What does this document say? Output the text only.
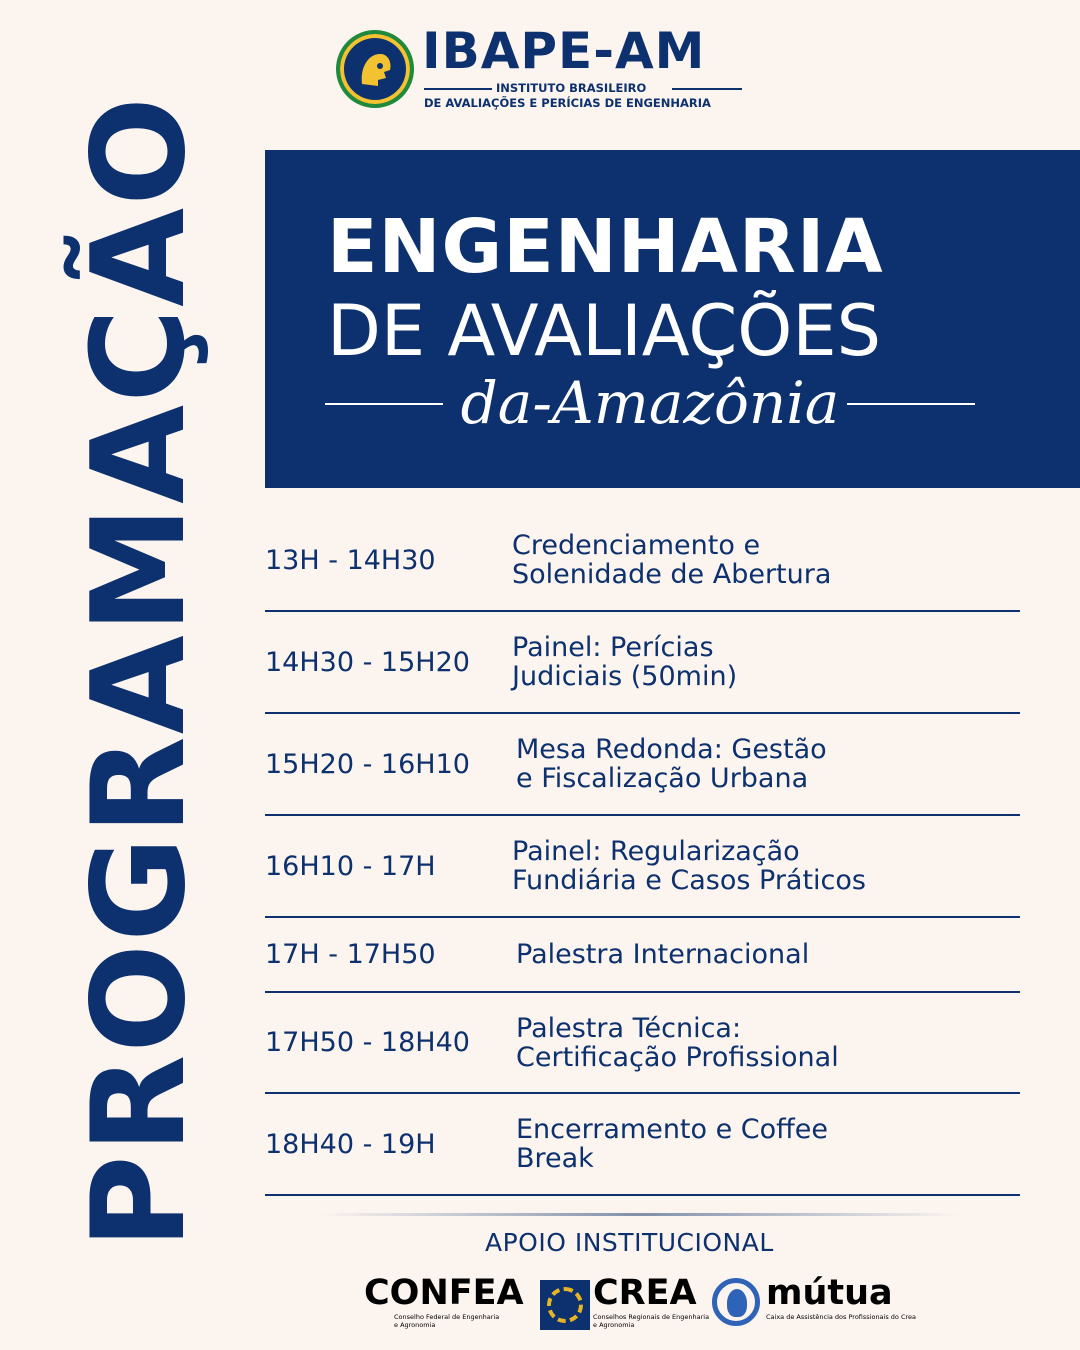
PROGRAMAÇÃO
IBAPE-AM
INSTITUTO BRASILEIRO
DE AVALIAÇÕES E PERÍCIAS DE ENGENHARIA
ENGENHARIA
DE AVALIAÇÕES
da-Amazônia
13H - 14H30	Credenciamento e
Solenidade de Abertura
14H30 - 15H20	Painel: Perícias
Judiciais (50min)
15H20 - 16H10	Mesa Redonda: Gestão
e Fiscalização Urbana
16H10 - 17H	Painel: Regularização
Fundiária e Casos Práticos
17H - 17H50	Palestra Internacional
17H50 - 18H40	Palestra Técnica:
Certificação Profissional
18H40 - 19H	Encerramento e Coffee
Break
APOIO INSTITUCIONAL
CONFEA
Conselho Federal de Engenharia
e Agronomia
CREA
Conselhos Regionais de Engenharia
e Agronomia
mútua
Caixa de Assistência dos Profissionais do Crea
